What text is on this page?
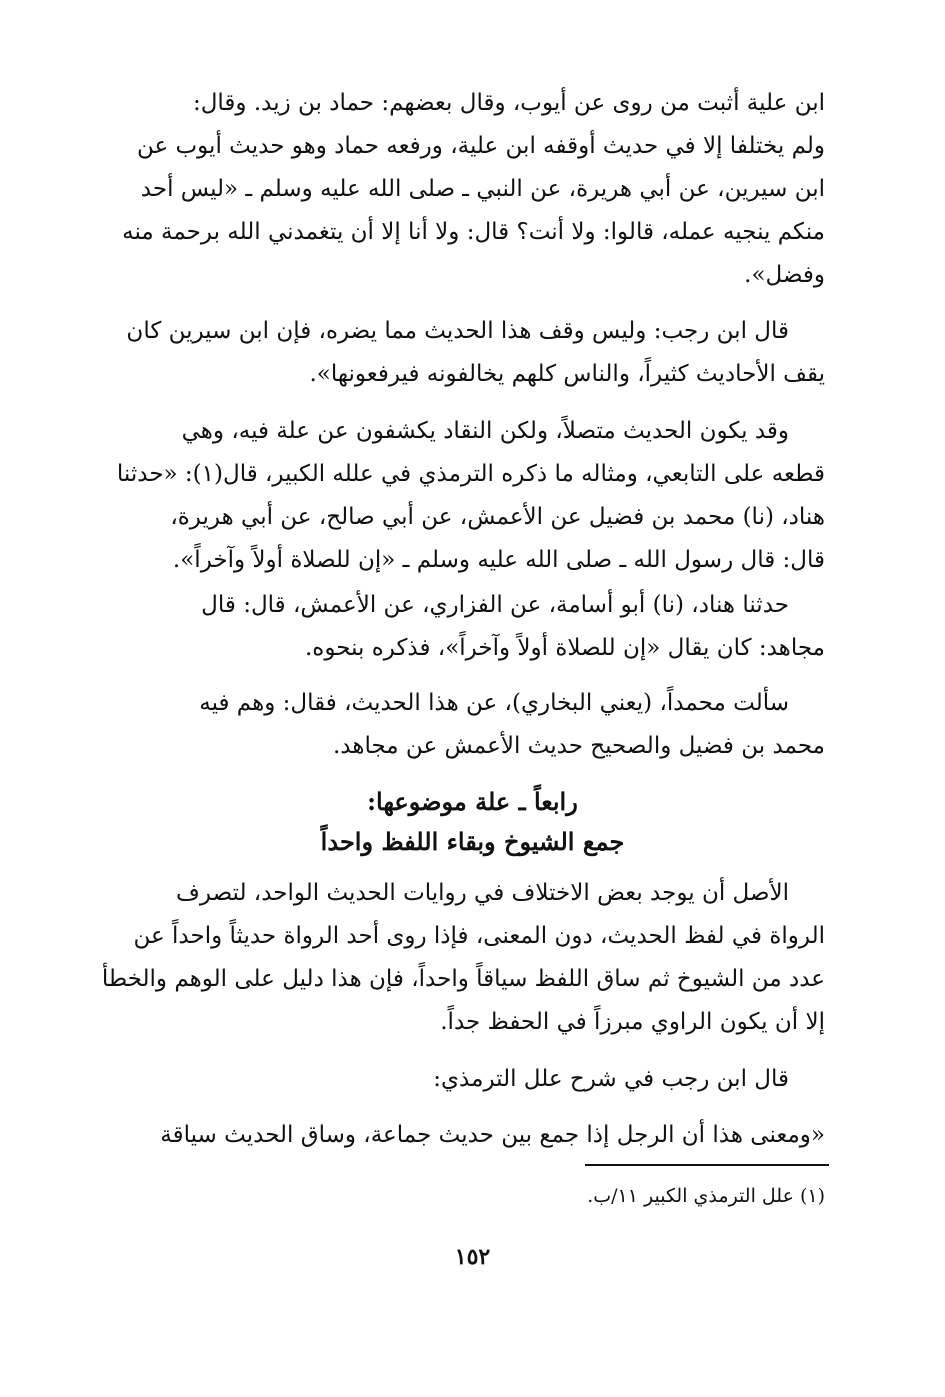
ابن علية أثبت من روى عن أيوب، وقال بعضهم: حماد بن زيد. وقال:
ولم يختلفا إلا في حديث أوقفه ابن علية، ورفعه حماد وهو حديث أيوب عن
ابن سيرين، عن أبي هريرة، عن النبي ـ صلى الله عليه وسلم ـ «ليس أحد
منكم ينجيه عمله، قالوا: ولا أنت؟ قال: ولا أنا إلا أن يتغمدني الله برحمة منه
وفضل».

قال ابن رجب: وليس وقف هذا الحديث مما يضره، فإن ابن سيرين كان
يقف الأحاديث كثيراً، والناس كلهم يخالفونه فيرفعونها».

وقد يكون الحديث متصلاً، ولكن النقاد يكشفون عن علة فيه، وهي
قطعه على التابعي، ومثاله ما ذكره الترمذي في علله الكبير، قال(١): «حدثنا
هناد، (نا) محمد بن فضيل عن الأعمش، عن أبي صالح، عن أبي هريرة،
قال: قال رسول الله ـ صلى الله عليه وسلم ـ «إن للصلاة أولاً وآخراً».

حدثنا هناد، (نا) أبو أسامة، عن الفزاري، عن الأعمش، قال: قال
مجاهد: كان يقال «إن للصلاة أولاً وآخراً»، فذكره بنحوه.

سألت محمداً، (يعني البخاري)، عن هذا الحديث، فقال: وهم فيه
محمد بن فضيل والصحيح حديث الأعمش عن مجاهد.

رابعاً ـ علة موضوعها:
جمع الشيوخ وبقاء اللفظ واحداً

الأصل أن يوجد بعض الاختلاف في روايات الحديث الواحد، لتصرف
الرواة في لفظ الحديث، دون المعنى، فإذا روى أحد الرواة حديثاً واحداً عن
عدد من الشيوخ ثم ساق اللفظ سياقاً واحداً، فإن هذا دليل على الوهم والخطأ
إلا أن يكون الراوي مبرزاً في الحفظ جداً.

قال ابن رجب في شرح علل الترمذي:

«ومعنى هذا أن الرجل إذا جمع بين حديث جماعة، وساق الحديث سياقة

(١) علل الترمذي الكبير ١١/ب.
١٥٢
